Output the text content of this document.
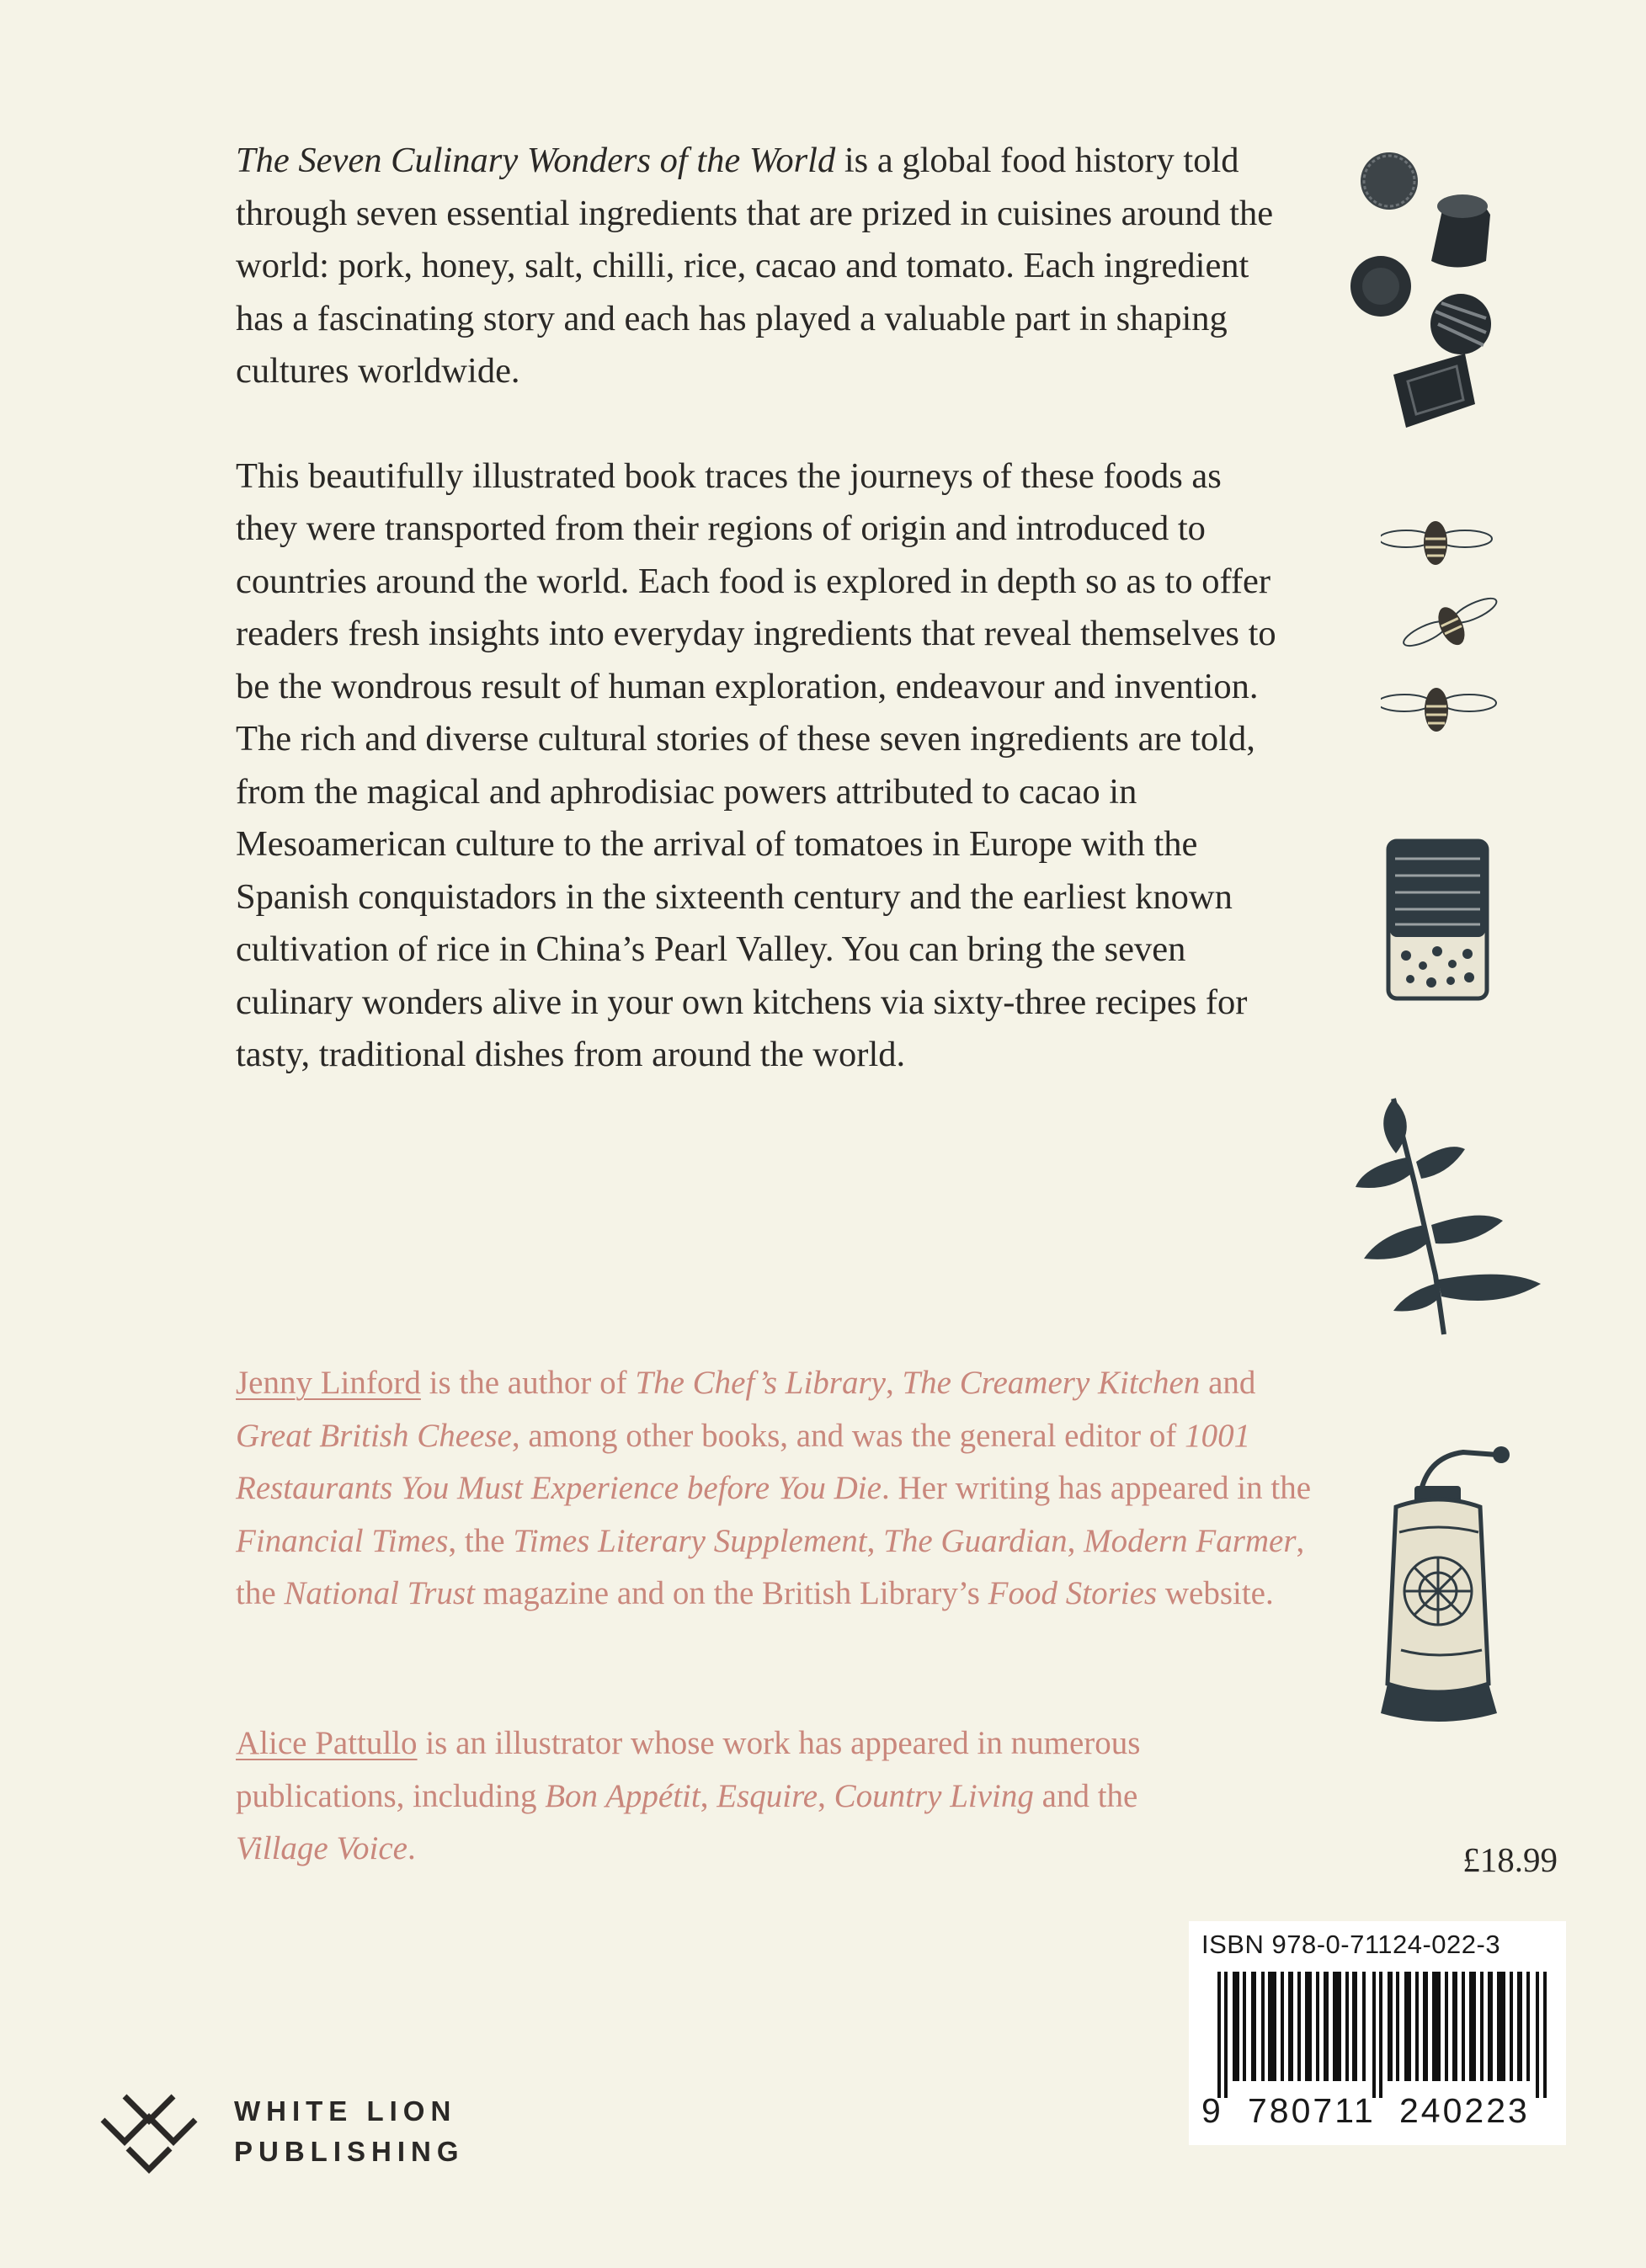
The Seven Culinary Wonders of the World is a global food history told through seven essential ingredients that are prized in cuisines around the world: pork, honey, salt, chilli, rice, cacao and tomato. Each ingredient has a fascinating story and each has played a valuable part in shaping cultures worldwide.

This beautifully illustrated book traces the journeys of these foods as they were transported from their regions of origin and introduced to countries around the world. Each food is explored in depth so as to offer readers fresh insights into everyday ingredients that reveal themselves to be the wondrous result of human exploration, endeavour and invention. The rich and diverse cultural stories of these seven ingredients are told, from the magical and aphrodisiac powers attributed to cacao in Mesoamerican culture to the arrival of tomatoes in Europe with the Spanish conquistadors in the sixteenth century and the earliest known cultivation of rice in China’s Pearl Valley. You can bring the seven culinary wonders alive in your own kitchens via sixty-three recipes for tasty, traditional dishes from around the world.

Jenny Linford is the author of The Chef’s Library, The Creamery Kitchen and Great British Cheese, among other books, and was the general editor of 1001 Restaurants You Must Experience before You Die. Her writing has appeared in the Financial Times, the Times Literary Supplement, The Guardian, Modern Farmer, the National Trust magazine and on the British Library’s Food Stories website.
Alice Pattullo is an illustrator whose work has appeared in numerous publications, including Bon Appétit, Esquire, Country Living and the Village Voice.	£18.99
ISBN 978-0-71124-022-3
9 780711 240223
WHITE LION
PUBLISHING
